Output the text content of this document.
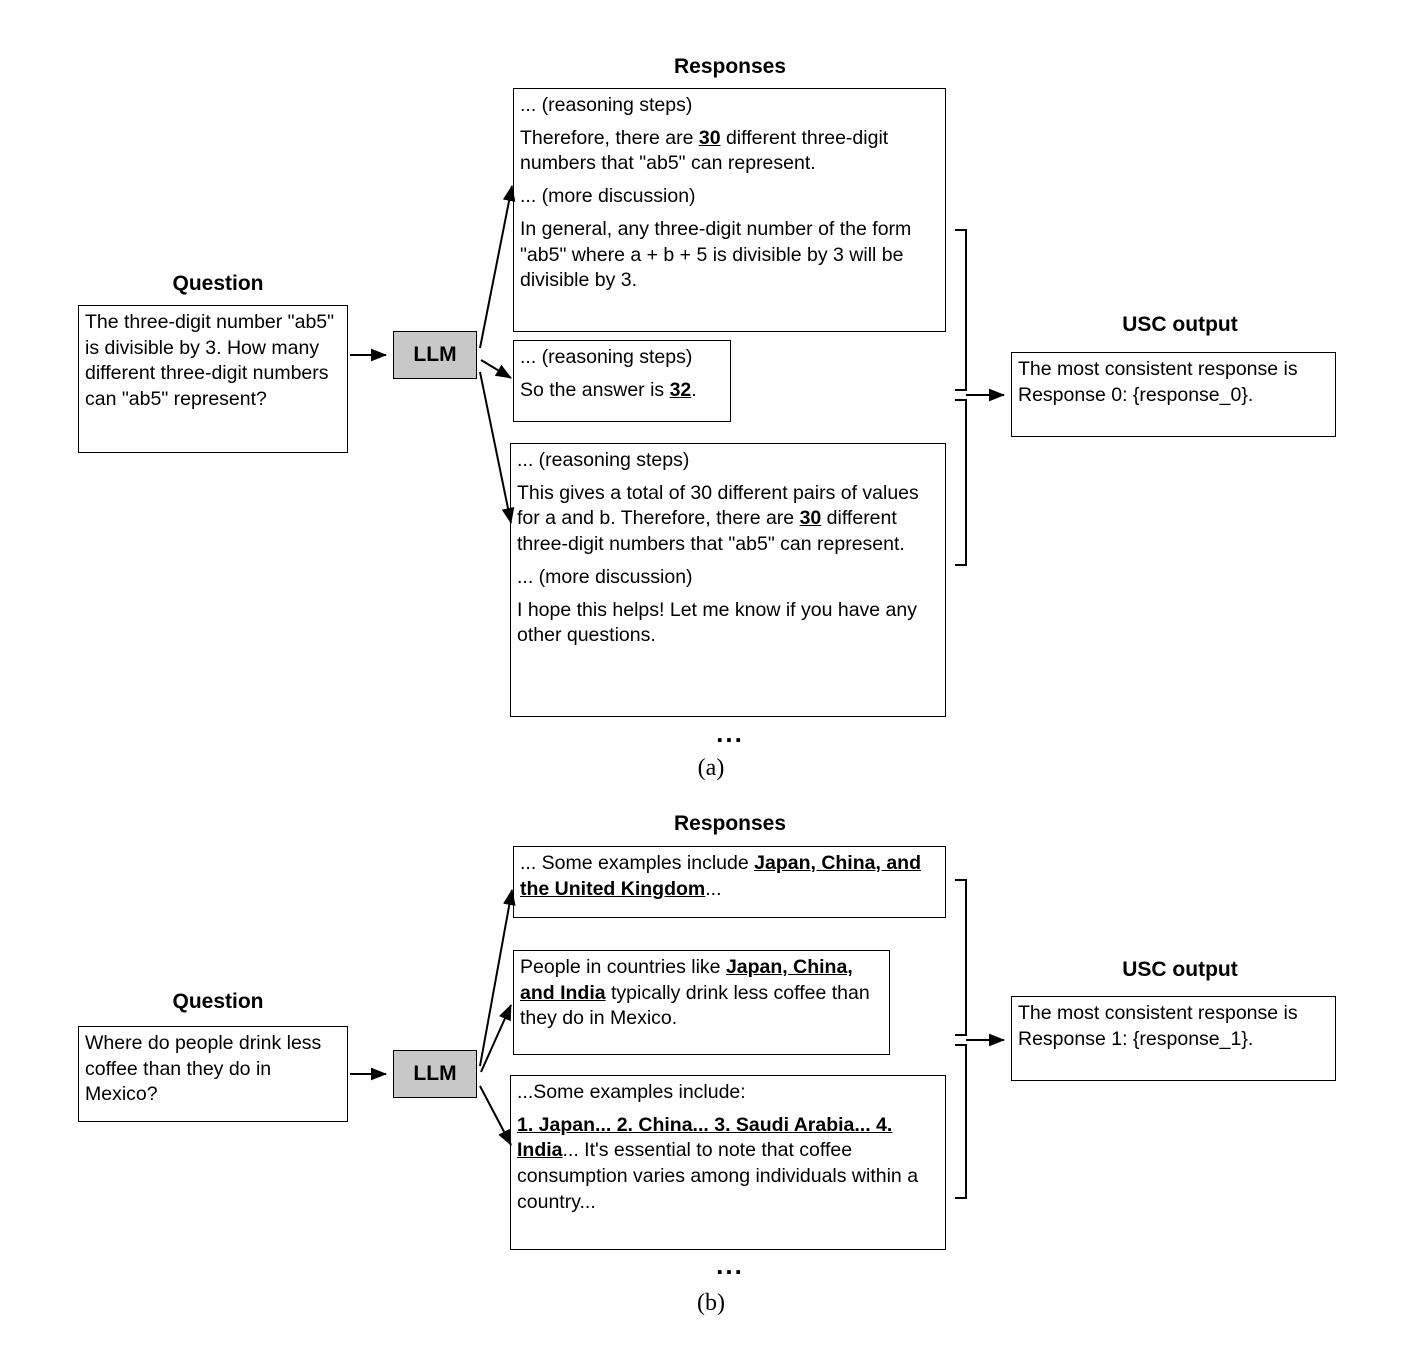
Question
The three-digit number "ab5" is divisible by 3. How many different three-digit numbers can "ab5" represent?
LLM
Responses
... (reasoning steps)
Therefore, there are 30 different three-digit numbers that "ab5" can represent.
... (more discussion)
In general, any three-digit number of the form "ab5" where a + b + 5 is divisible by 3 will be divisible by 3.
... (reasoning steps)
So the answer is 32.
... (reasoning steps)
This gives a total of 30 different pairs of values for a and b. Therefore, there are 30 different three-digit numbers that "ab5" can represent.
... (more discussion)
I hope this helps! Let me know if you have any other questions.
...
USC output
The most consistent response is Response 0: {response_0}.
(a)
Question
Where do people drink less coffee than they do in Mexico?
LLM
Responses
... Some examples include Japan, China, and the United Kingdom...
People in countries like Japan, China, and India typically drink less coffee than they do in Mexico.
...Some examples include:
1. Japan... 2. China... 3. Saudi Arabia... 4. India... It's essential to note that coffee consumption varies among individuals within a country...
...
USC output
The most consistent response is Response 1: {response_1}.
(b)
